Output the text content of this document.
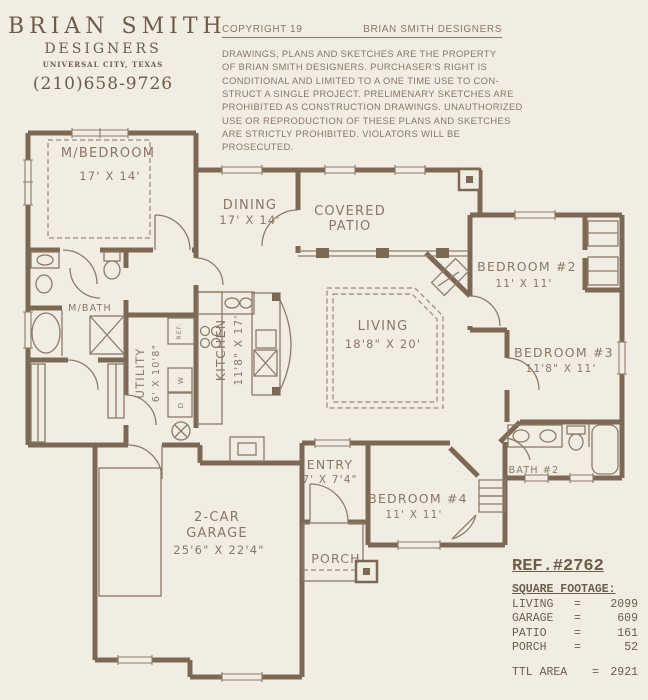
BRIAN SMITH
DESIGNERS
UNIVERSAL CITY, TEXAS
(210)658-9726
COPYRIGHT 19	BRIAN SMITH DESIGNERS
DRAWINGS, PLANS AND SKETCHES ARE THE PROPERTY
OF BRIAN SMITH DESIGNERS. PURCHASER'S RIGHT IS
CONDITIONAL AND LIMITED TO A ONE TIME USE TO CON-
STRUCT A SINGLE PROJECT. PRELIMENARY SKETCHES ARE
PROHIBITED AS CONSTRUCTION DRAWINGS. UNAUTHORIZED
USE OR REPRODUCTION OF THESE PLANS AND SKETCHES
ARE STRICTLY PROHIBITED. VIOLATORS WILL BE PROSECUTED.
REF.#2762
SQUARE FOOTAGE:
LIVING	=	2099
GARAGE	=	609
PATIO	=	161
PORCH	=	52
TTL AREA	= 2921
REF.
W
D
M/BEDROOM
17' X 14'
DINING
17' X 14'
COVERED
PATIO
LIVING
18'8" X 20'
KITCHEN 11'8" X 17'
UTILITY 6' X 10'8"
M/BATH
BEDROOM #2
11' X 11'
BEDROOM #3
11'8" X 11'
BEDROOM #4
11' X 11'
BATH #2
ENTRY
7' X 7'4"
PORCH
2-CAR
GARAGE
25'6" X 22'4"
